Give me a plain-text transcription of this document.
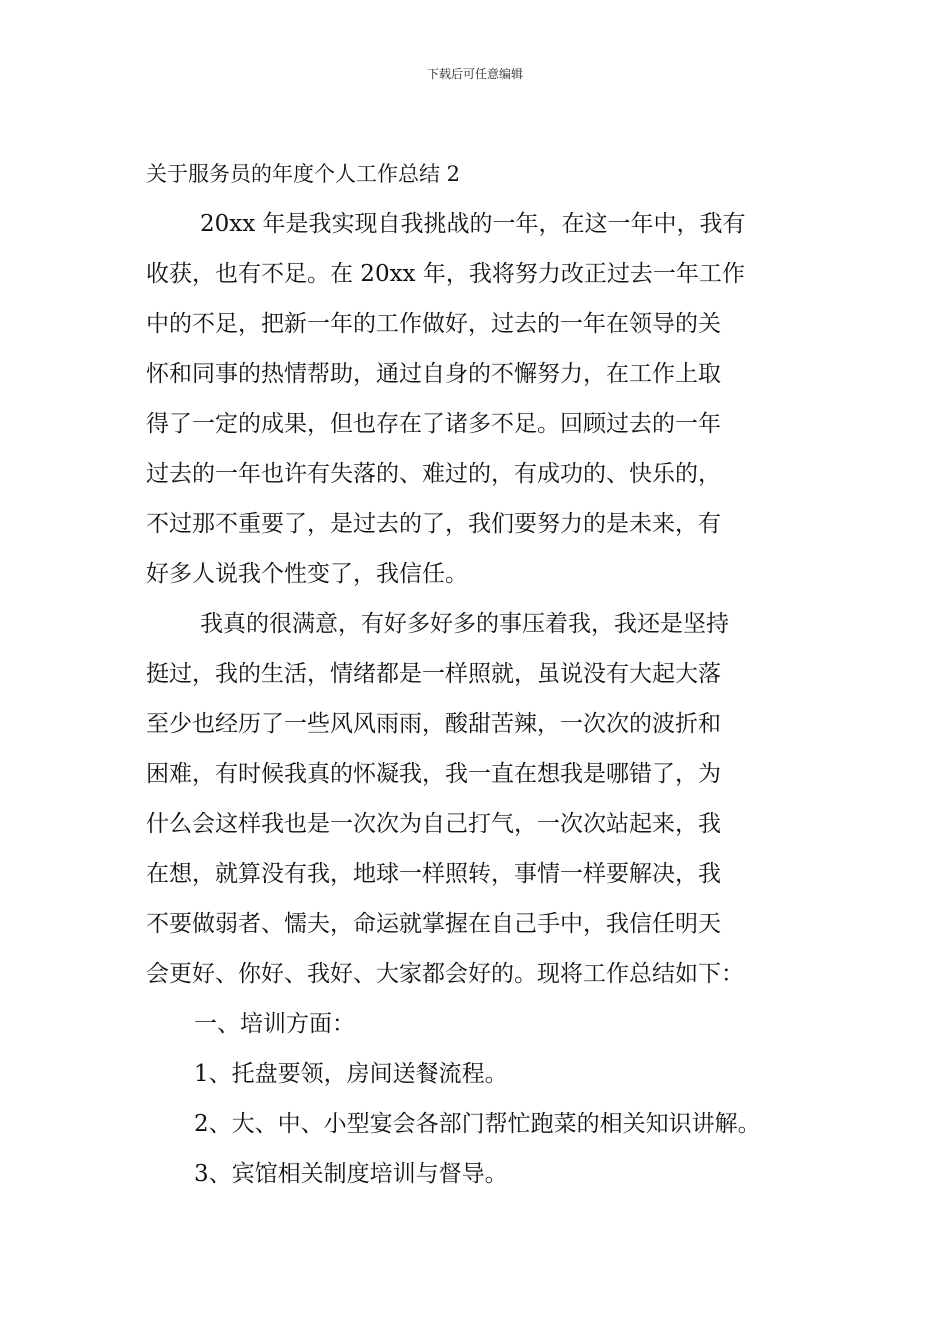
下载后可任意编辑
关于服务员的年度个人工作总结 2
20xx 年是我实现自我挑战的一年，在这一年中，我有
收获，也有不足。在 20xx 年，我将努力改正过去一年工作
中的不足，把新一年的工作做好，过去的一年在领导的关
怀和同事的热情帮助，通过自身的不懈努力，在工作上取
得了一定的成果，但也存在了诸多不足。回顾过去的一年
过去的一年也许有失落的、难过的，有成功的、快乐的，
不过那不重要了，是过去的了，我们要努力的是未来，有
好多人说我个性变了，我信任。
我真的很满意，有好多好多的事压着我，我还是坚持
挺过，我的生活，情绪都是一样照就，虽说没有大起大落
至少也经历了一些风风雨雨，酸甜苦辣，一次次的波折和
困难，有时候我真的怀凝我，我一直在想我是哪错了，为
什么会这样我也是一次次为自己打气，一次次站起来，我
在想，就算没有我，地球一样照转，事情一样要解决，我
不要做弱者、懦夫，命运就掌握在自己手中，我信任明天
会更好、你好、我好、大家都会好的。现将工作总结如下：

一、培训方面：

1、托盘要领，房间送餐流程。

2、大、中、小型宴会各部门帮忙跑菜的相关知识讲解。

3、宾馆相关制度培训与督导。
